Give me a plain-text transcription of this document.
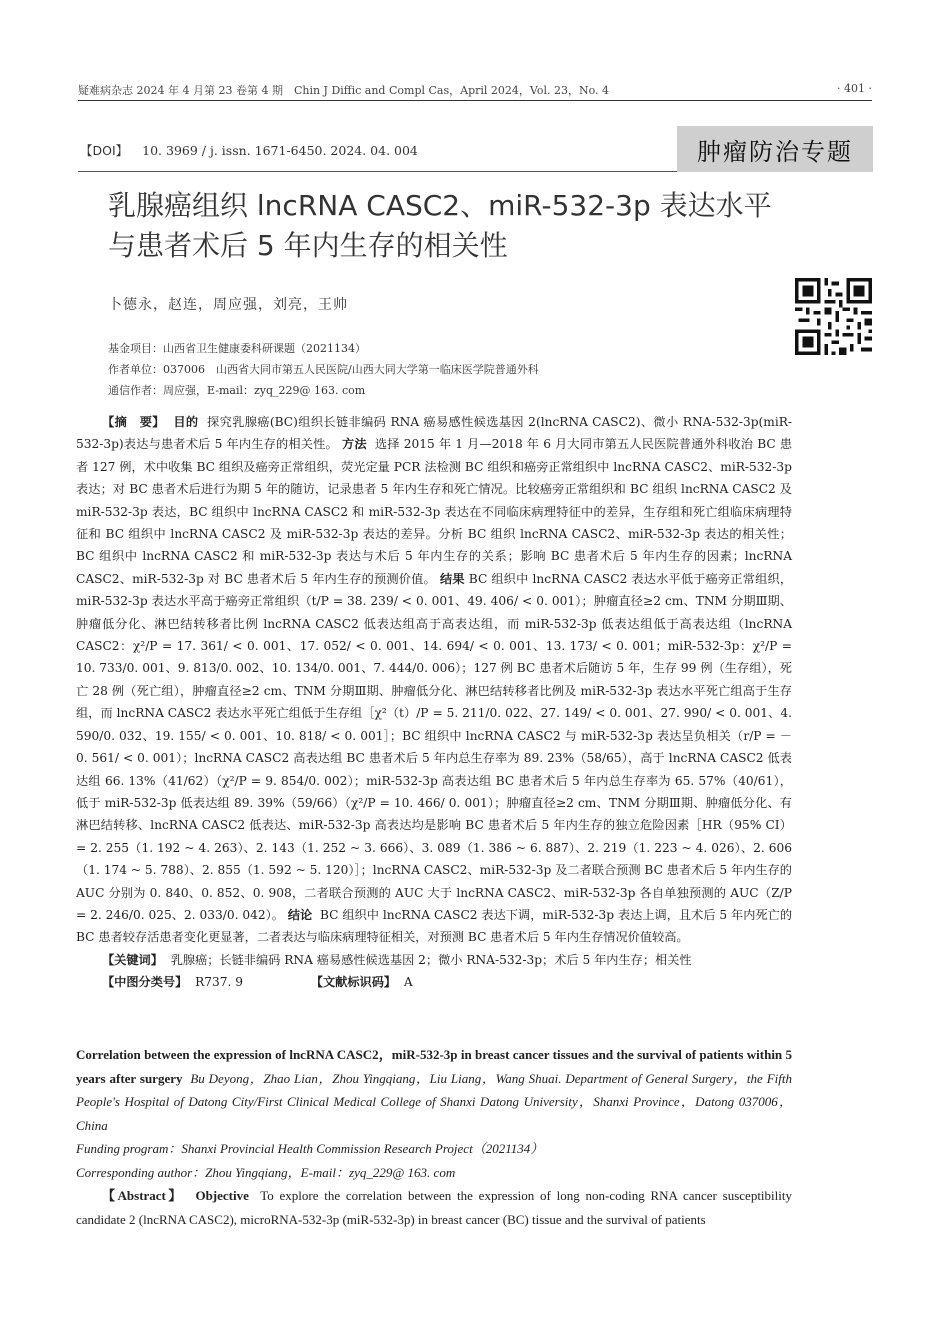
疑难病杂志 2024 年 4 月第 23 卷第 4 期　Chin J Diffic and Compl Cas，April 2024，Vol. 23，No. 4	· 401 ·
【DOI】 10. 3969 / j. issn. 1671-6450. 2024. 04. 004	肿瘤防治专题
乳腺癌组织 lncRNA CASC2、miR-532-3p 表达水平
与患者术后 5 年内生存的相关性
卜德永，赵连，周应强，刘亮，王帅
基金项目：山西省卫生健康委科研课题（2021134）
作者单位：037006　山西省大同市第五人民医院/山西大同大学第一临床医学院普通外科
通信作者：周应强，E-mail：zyq_229@ 163. com

【摘　要】 目的 探究乳腺癌(BC)组织长链非编码 RNA 癌易感性候选基因 2(lncRNA CASC2)、微小 RNA-532-3p(miR-532-3p)表达与患者术后 5 年内生存的相关性。 方法 选择 2015 年 1 月—2018 年 6 月大同市第五人民医院普通外科收治 BC 患者 127 例，术中收集 BC 组织及癌旁正常组织，荧光定量 PCR 法检测 BC 组织和癌旁正常组织中 lncRNA CASC2、miR-532-3p 表达；对 BC 患者术后进行为期 5 年的随访，记录患者 5 年内生存和死亡情况。比较癌旁正常组织和 BC 组织 lncRNA CASC2 及 miR-532-3p 表达，BC 组织中 lncRNA CASC2 和 miR-532-3p 表达在不同临床病理特征中的差异，生存组和死亡组临床病理特征和 BC 组织中 lncRNA CASC2 及 miR-532-3p 表达的差异。分析 BC 组织 lncRNA CASC2、miR-532-3p 表达的相关性；BC 组织中 lncRNA CASC2 和 miR-532-3p 表达与术后 5 年内生存的关系；影响 BC 患者术后 5 年内生存的因素；lncRNA CASC2、miR-532-3p 对 BC 患者术后 5 年内生存的预测价值。 结果 BC 组织中 lncRNA CASC2 表达水平低于癌旁正常组织，miR-532-3p 表达水平高于癌旁正常组织（t/P = 38. 239/ < 0. 001、49. 406/ < 0. 001）；肿瘤直径≥2 cm、TNM 分期Ⅲ期、肿瘤低分化、淋巴结转移者比例 lncRNA CASC2 低表达组高于高表达组，而 miR-532-3p 低表达组低于高表达组（lncRNA CASC2：χ²/P = 17. 361/ < 0. 001、17. 052/ < 0. 001、14. 694/ < 0. 001、13. 173/ < 0. 001；miR-532-3p：χ²/P = 10. 733/0. 001、9. 813/0. 002、10. 134/0. 001、7. 444/0. 006）；127 例 BC 患者术后随访 5 年，生存 99 例（生存组），死亡 28 例（死亡组），肿瘤直径≥2 cm、TNM 分期Ⅲ期、肿瘤低分化、淋巴结转移者比例及 miR-532-3p 表达水平死亡组高于生存组，而 lncRNA CASC2 表达水平死亡组低于生存组［χ²（t）/P = 5. 211/0. 022、27. 149/ < 0. 001、27. 990/ < 0. 001、4. 590/0. 032、19. 155/ < 0. 001、10. 818/ < 0. 001］；BC 组织中 lncRNA CASC2 与 miR-532-3p 表达呈负相关（r/P = －0. 561/ < 0. 001）；lncRNA CASC2 高表达组 BC 患者术后 5 年内总生存率为 89. 23%（58/65），高于 lncRNA CASC2 低表达组 66. 13%（41/62）（χ²/P = 9. 854/0. 002）；miR-532-3p 高表达组 BC 患者术后 5 年内总生存率为 65. 57%（40/61），低于 miR-532-3p 低表达组 89. 39%（59/66）（χ²/P = 10. 466/ 0. 001）；肿瘤直径≥2 cm、TNM 分期Ⅲ期、肿瘤低分化、有淋巴结转移、lncRNA CASC2 低表达、miR-532-3p 高表达均是影响 BC 患者术后 5 年内生存的独立危险因素［HR（95% CI）= 2. 255（1. 192 ~ 4. 263）、2. 143（1. 252 ~ 3. 666）、3. 089（1. 386 ~ 6. 887）、2. 219（1. 223 ~ 4. 026）、2. 606（1. 174 ~ 5. 788）、2. 855（1. 592 ~ 5. 120）］；lncRNA CASC2、miR-532-3p 及二者联合预测 BC 患者术后 5 年内生存的 AUC 分别为 0. 840、0. 852、0. 908，二者联合预测的 AUC 大于 lncRNA CASC2、miR-532-3p 各自单独预测的 AUC（Z/P = 2. 246/0. 025、2. 033/0. 042）。 结论 BC 组织中 lncRNA CASC2 表达下调，miR-532-3p 表达上调，且术后 5 年内死亡的 BC 患者较存活患者变化更显著，二者表达与临床病理特征相关，对预测 BC 患者术后 5 年内生存情况价值较高。

【关键词】 乳腺癌；长链非编码 RNA 癌易感性候选基因 2；微小 RNA-532-3p；术后 5 年内生存；相关性

【中图分类号】 R737. 9	【文献标识码】 A

Correlation between the expression of lncRNA CASC2，miR-532-3p in breast cancer tissues and the survival of patients within 5 years after surgery Bu Deyong，Zhao Lian，Zhou Yingqiang，Liu Liang，Wang Shuai. Department of General Surgery，the Fifth People's Hospital of Datong City/First Clinical Medical College of Shanxi Datong University，Shanxi Province，Datong 037006，China

Funding program：Shanxi Provincial Health Commission Research Project（2021134）

Corresponding author：Zhou Yingqiang，E-mail：zyq_229@ 163. com

【Abstract】 Objective To explore the correlation between the expression of long non-coding RNA cancer susceptibility candidate 2 (lncRNA CASC2), microRNA-532-3p (miR-532-3p) in breast cancer (BC) tissue and the survival of patients
